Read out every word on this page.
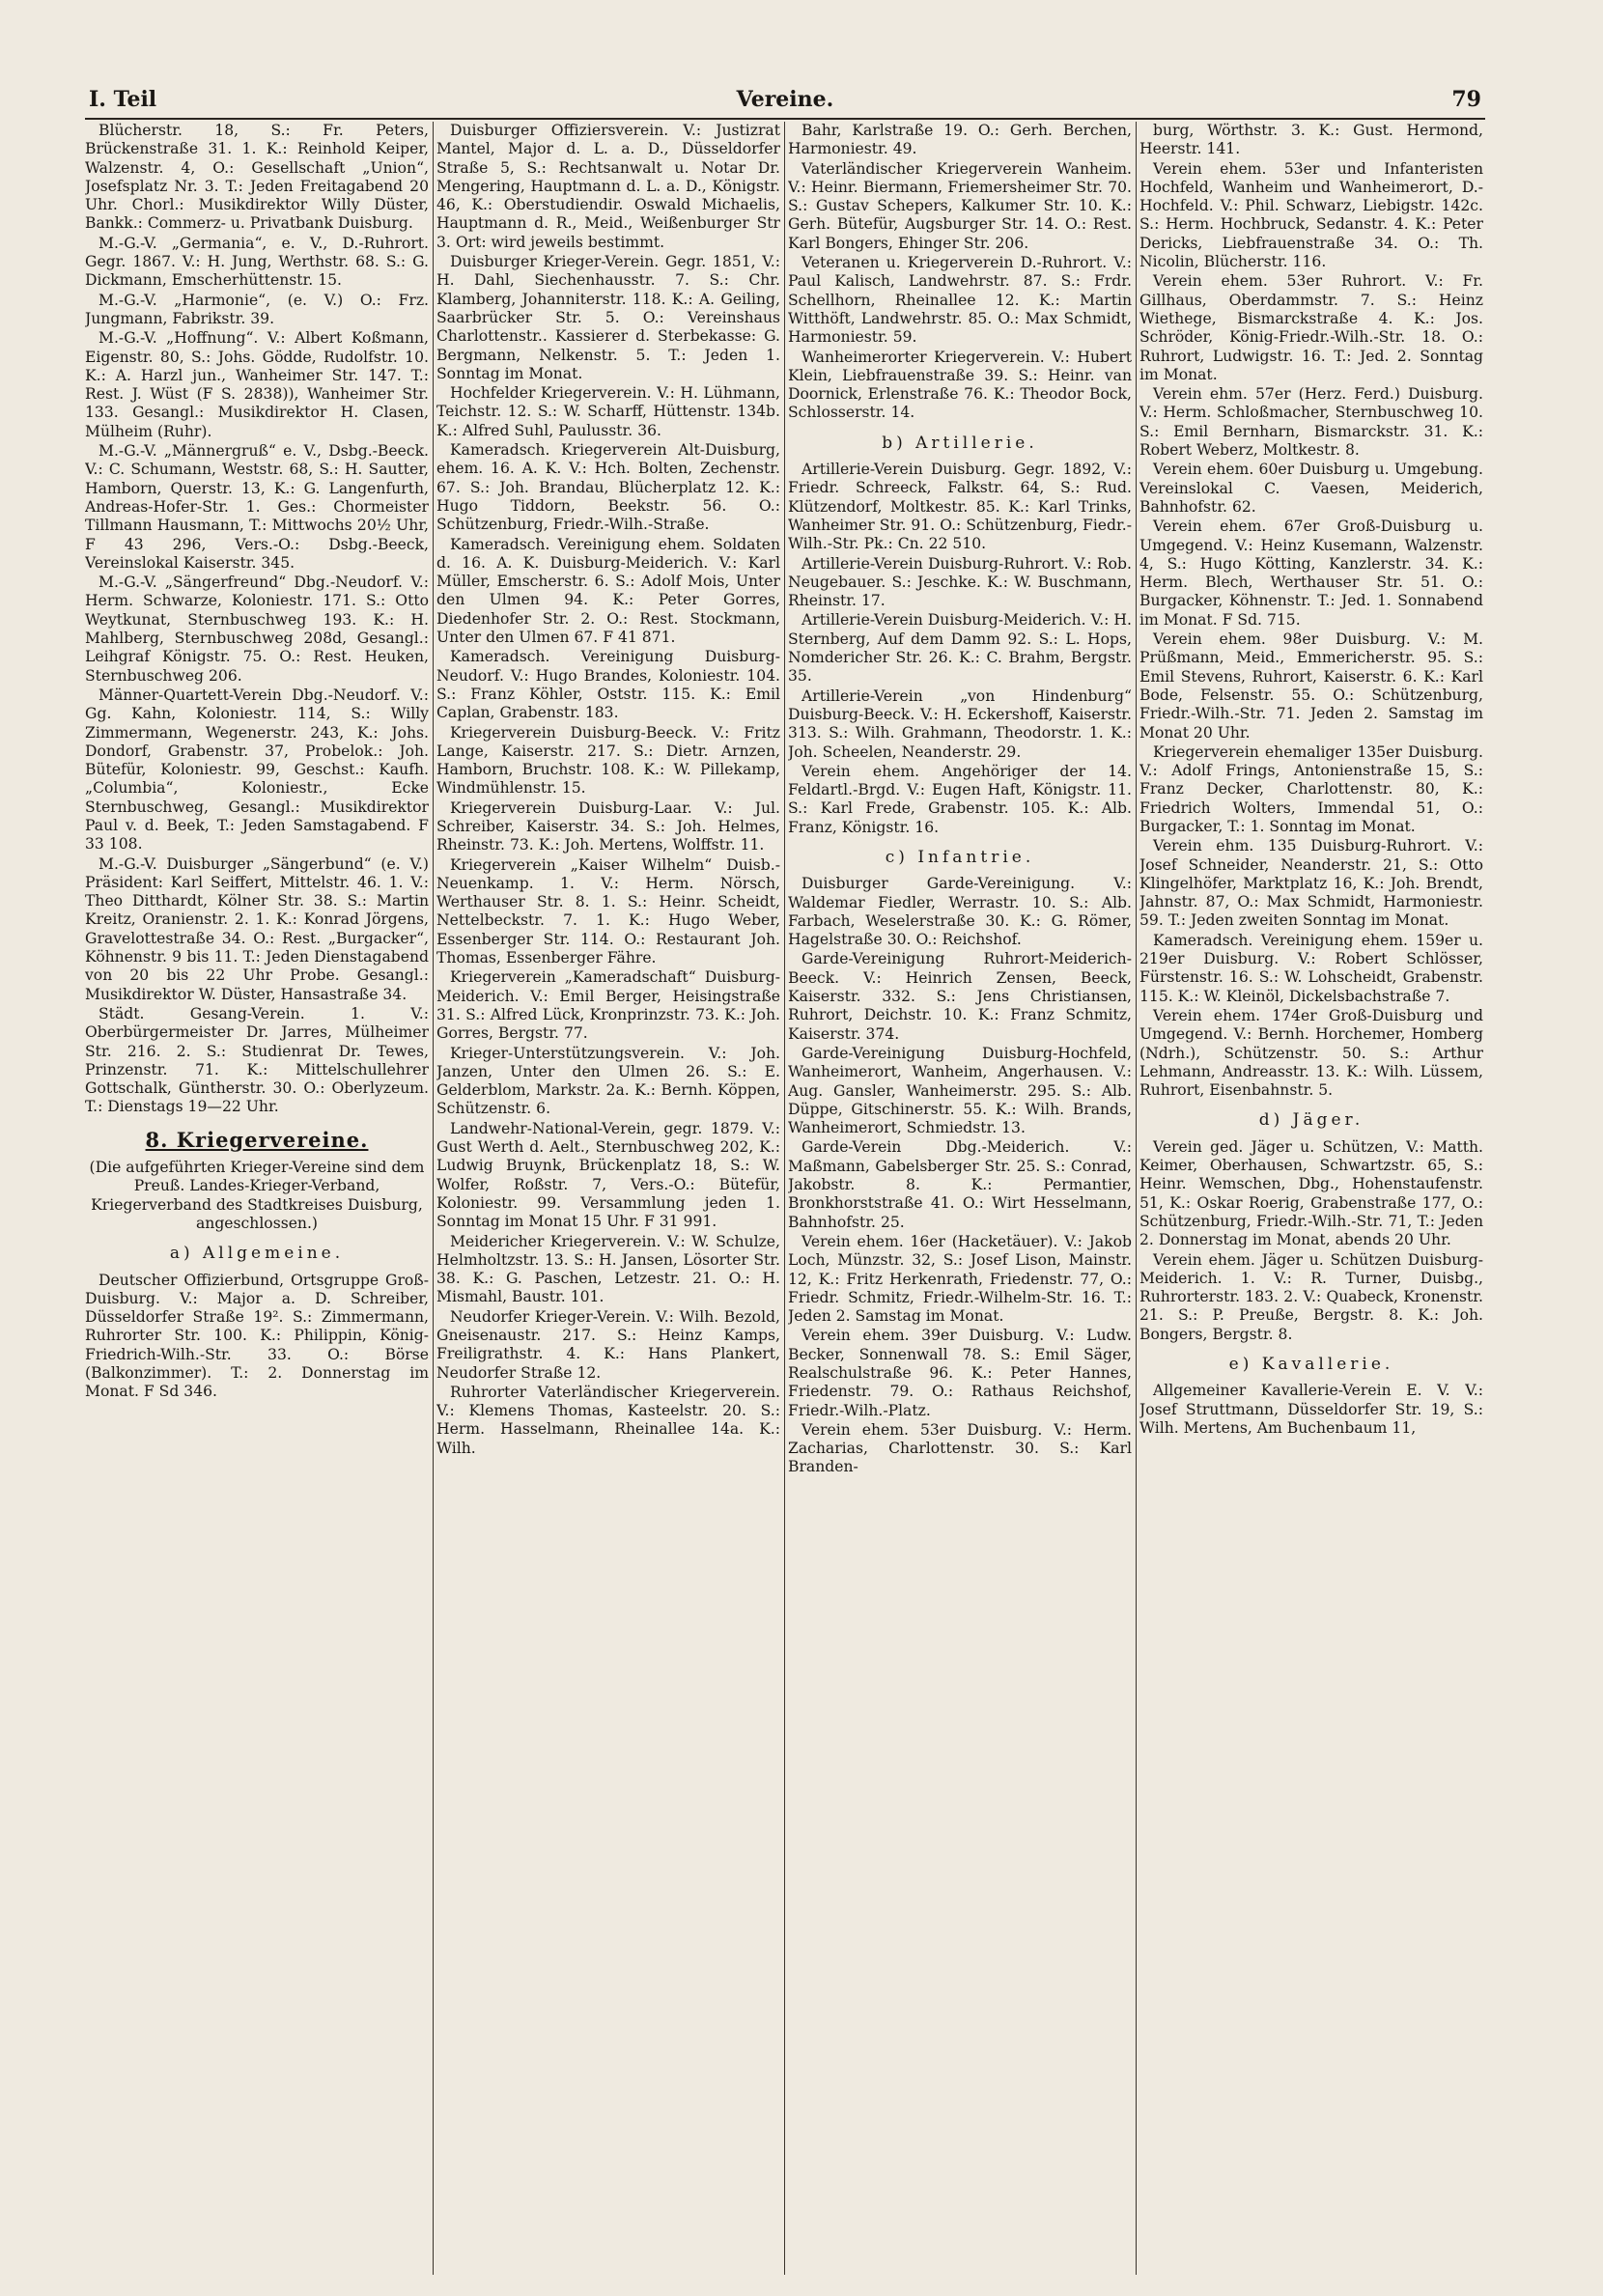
I. Teil	Vereine.	79

Blücherstr. 18, S.: Fr. Peters, Brückenstraße 31. 1. K.: Reinhold Keiper, Walzenstr. 4, O.: Gesellschaft „Union“, Josefsplatz Nr. 3. T.: Jeden Freitagabend 20 Uhr. Chorl.: Musikdirektor Willy Düster, Bankk.: Commerz- u. Privatbank Duisburg.

M.-G.-V. „Germania“, e. V., D.-Ruhrort. Gegr. 1867. V.: H. Jung, Werthstr. 68. S.: G. Dickmann, Emscherhüttenstr. 15.

M.-G.-V. „Harmonie“, (e. V.) O.: Frz. Jungmann, Fabrikstr. 39.

M.-G.-V. „Hoffnung“. V.: Albert Koßmann, Eigenstr. 80, S.: Johs. Gödde, Rudolfstr. 10. K.: A. Harzl jun., Wanheimer Str. 147. T.: Rest. J. Wüst (F S. 2838)), Wanheimer Str. 133. Gesangl.: Musikdirektor H. Clasen, Mülheim (Ruhr).

M.-G.-V. „Männergruß“ e. V., Dsbg.-Beeck. V.: C. Schumann, Weststr. 68, S.: H. Sautter, Hamborn, Querstr. 13, K.: G. Langenfurth, Andreas-Hofer-Str. 1. Ges.: Chormeister Tillmann Hausmann, T.: Mittwochs 20½ Uhr, F 43 296, Vers.-O.: Dsbg.-Beeck, Vereinslokal Kaiserstr. 345.

M.-G.-V. „Sängerfreund“ Dbg.-Neudorf. V.: Herm. Schwarze, Koloniestr. 171. S.: Otto Weytkunat, Sternbuschweg 193. K.: H. Mahlberg, Sternbuschweg 208d, Gesangl.: Leihgraf Königstr. 75. O.: Rest. Heuken, Sternbuschweg 206.

Männer-Quartett-Verein Dbg.-Neudorf. V.: Gg. Kahn, Koloniestr. 114, S.: Willy Zimmermann, Wegenerstr. 243, K.: Johs. Dondorf, Grabenstr. 37, Probelok.: Joh. Bütefür, Koloniestr. 99, Geschst.: Kaufh. „Columbia“, Koloniestr., Ecke Sternbuschweg, Gesangl.: Musikdirektor Paul v. d. Beek, T.: Jeden Samstagabend. F 33 108.

M.-G.-V. Duisburger „Sängerbund“ (e. V.) Präsident: Karl Seiffert, Mittelstr. 46. 1. V.: Theo Ditthardt, Kölner Str. 38. S.: Martin Kreitz, Oranienstr. 2. 1. K.: Konrad Jörgens, Gravelottestraße 34. O.: Rest. „Burgacker“, Köhnenstr. 9 bis 11. T.: Jeden Dienstagabend von 20 bis 22 Uhr Probe. Gesangl.: Musikdirektor W. Düster, Hansastraße 34.

Städt. Gesang-Verein. 1. V.: Oberbürgermeister Dr. Jarres, Mülheimer Str. 216. 2. S.: Studienrat Dr. Tewes, Prinzenstr. 71. K.: Mittelschullehrer Gottschalk, Güntherstr. 30. O.: Oberlyzeum. T.: Dienstags 19—22 Uhr.

8. Kriegervereine.

(Die aufgeführten Krieger-Vereine sind dem Preuß. Landes-Krieger-Verband, Kriegerverband des Stadtkreises Duisburg, angeschlossen.)

a) Allgemeine.

Deutscher Offizierbund, Ortsgruppe Groß-Duisburg. V.: Major a. D. Schreiber, Düsseldorfer Straße 19². S.: Zimmermann, Ruhrorter Str. 100. K.: Philippin, König-Friedrich-Wilh.-Str. 33. O.: Börse (Balkonzimmer). T.: 2. Donnerstag im Monat. F Sd 346.

Duisburger Offiziersverein. V.: Justizrat Mantel, Major d. L. a. D., Düsseldorfer Straße 5, S.: Rechtsanwalt u. Notar Dr. Mengering, Hauptmann d. L. a. D., Königstr. 46, K.: Oberstudiendir. Oswald Michaelis, Hauptmann d. R., Meid., Weißenburger Str 3. Ort: wird jeweils bestimmt.

Duisburger Krieger-Verein. Gegr. 1851, V.: H. Dahl, Siechenhausstr. 7. S.: Chr. Klamberg, Johanniterstr. 118. K.: A. Geiling, Saarbrücker Str. 5. O.: Vereinshaus Charlottenstr.. Kassierer d. Sterbekasse: G. Bergmann, Nelkenstr. 5. T.: Jeden 1. Sonntag im Monat.

Hochfelder Kriegerverein. V.: H. Lühmann, Teichstr. 12. S.: W. Scharff, Hüttenstr. 134b. K.: Alfred Suhl, Paulusstr. 36.

Kameradsch. Kriegerverein Alt-Duisburg, ehem. 16. A. K. V.: Hch. Bolten, Zechenstr. 67. S.: Joh. Brandau, Blücherplatz 12. K.: Hugo Tiddorn, Beekstr. 56. O.: Schützenburg, Friedr.-Wilh.-Straße.

Kameradsch. Vereinigung ehem. Soldaten d. 16. A. K. Duisburg-Meiderich. V.: Karl Müller, Emscherstr. 6. S.: Adolf Mois, Unter den Ulmen 94. K.: Peter Gorres, Diedenhofer Str. 2. O.: Rest. Stockmann, Unter den Ulmen 67. F 41 871.

Kameradsch. Vereinigung Duisburg-Neudorf. V.: Hugo Brandes, Koloniestr. 104. S.: Franz Köhler, Oststr. 115. K.: Emil Caplan, Grabenstr. 183.

Kriegerverein Duisburg-Beeck. V.: Fritz Lange, Kaiserstr. 217. S.: Dietr. Arnzen, Hamborn, Bruchstr. 108. K.: W. Pillekamp, Windmühlenstr. 15.

Kriegerverein Duisburg-Laar. V.: Jul. Schreiber, Kaiserstr. 34. S.: Joh. Helmes, Rheinstr. 73. K.: Joh. Mertens, Wolffstr. 11.

Kriegerverein „Kaiser Wilhelm“ Duisb.-Neuenkamp. 1. V.: Herm. Nörsch, Werthauser Str. 8. 1. S.: Heinr. Scheidt, Nettelbeckstr. 7. 1. K.: Hugo Weber, Essenberger Str. 114. O.: Restaurant Joh. Thomas, Essenberger Fähre.

Kriegerverein „Kameradschaft“ Duisburg-Meiderich. V.: Emil Berger, Heisingstraße 31. S.: Alfred Lück, Kronprinzstr. 73. K.: Joh. Gorres, Bergstr. 77.

Krieger-Unterstützungsverein. V.: Joh. Janzen, Unter den Ulmen 26. S.: E. Gelderblom, Markstr. 2a. K.: Bernh. Köppen, Schützenstr. 6.

Landwehr-National-Verein, gegr. 1879. V.: Gust Werth d. Aelt., Sternbuschweg 202, K.: Ludwig Bruynk, Brückenplatz 18, S.: W. Wolfer, Roßstr. 7, Vers.-O.: Bütefür, Koloniestr. 99. Versammlung jeden 1. Sonntag im Monat 15 Uhr. F 31 991.

Meidericher Kriegerverein. V.: W. Schulze, Helmholtzstr. 13. S.: H. Jansen, Lösorter Str. 38. K.: G. Paschen, Letzestr. 21. O.: H. Mismahl, Baustr. 101.

Neudorfer Krieger-Verein. V.: Wilh. Bezold, Gneisenaustr. 217. S.: Heinz Kamps, Freiligrathstr. 4. K.: Hans Plankert, Neudorfer Straße 12.

Ruhrorter Vaterländischer Kriegerverein. V.: Klemens Thomas, Kasteelstr. 20. S.: Herm. Hasselmann, Rheinallee 14a. K.: Wilh.

Bahr, Karlstraße 19. O.: Gerh. Berchen, Harmoniestr. 49.

Vaterländischer Kriegerverein Wanheim. V.: Heinr. Biermann, Friemersheimer Str. 70. S.: Gustav Schepers, Kalkumer Str. 10. K.: Gerh. Bütefür, Augsburger Str. 14. O.: Rest. Karl Bongers, Ehinger Str. 206.

Veteranen u. Kriegerverein D.-Ruhrort. V.: Paul Kalisch, Landwehrstr. 87. S.: Frdr. Schellhorn, Rheinallee 12. K.: Martin Witthöft, Landwehrstr. 85. O.: Max Schmidt, Harmoniestr. 59.

Wanheimerorter Kriegerverein. V.: Hubert Klein, Liebfrauenstraße 39. S.: Heinr. van Doornick, Erlenstraße 76. K.: Theodor Bock, Schlosserstr. 14.

b) Artillerie.

Artillerie-Verein Duisburg. Gegr. 1892, V.: Friedr. Schreeck, Falkstr. 64, S.: Rud. Klützendorf, Moltkestr. 85. K.: Karl Trinks, Wanheimer Str. 91. O.: Schützenburg, Fiedr.-Wilh.-Str. Pk.: Cn. 22 510.

Artillerie-Verein Duisburg-Ruhrort. V.: Rob. Neugebauer. S.: Jeschke. K.: W. Buschmann, Rheinstr. 17.

Artillerie-Verein Duisburg-Meiderich. V.: H. Sternberg, Auf dem Damm 92. S.: L. Hops, Nomdericher Str. 26. K.: C. Brahm, Bergstr. 35.

Artillerie-Verein „von Hindenburg“ Duisburg-Beeck. V.: H. Eckershoff, Kaiserstr. 313. S.: Wilh. Grahmann, Theodorstr. 1. K.: Joh. Scheelen, Neanderstr. 29.

Verein ehem. Angehöriger der 14. Feldartl.-Brgd. V.: Eugen Haft, Königstr. 11. S.: Karl Frede, Grabenstr. 105. K.: Alb. Franz, Königstr. 16.

c) Infantrie.

Duisburger Garde-Vereinigung. V.: Waldemar Fiedler, Werrastr. 10. S.: Alb. Farbach, Weselerstraße 30. K.: G. Römer, Hagelstraße 30. O.: Reichshof.

Garde-Vereinigung Ruhrort-Meiderich-Beeck. V.: Heinrich Zensen, Beeck, Kaiserstr. 332. S.: Jens Christiansen, Ruhrort, Deichstr. 10. K.: Franz Schmitz, Kaiserstr. 374.

Garde-Vereinigung Duisburg-Hochfeld, Wanheimerort, Wanheim, Angerhausen. V.: Aug. Gansler, Wanheimerstr. 295. S.: Alb. Düppe, Gitschinerstr. 55. K.: Wilh. Brands, Wanheimerort, Schmiedstr. 13.

Garde-Verein Dbg.-Meiderich. V.: Maßmann, Gabelsberger Str. 25. S.: Conrad, Jakobstr. 8. K.: Permantier, Bronkhorststraße 41. O.: Wirt Hesselmann, Bahnhofstr. 25.

Verein ehem. 16er (Hacketäuer). V.: Jakob Loch, Münzstr. 32, S.: Josef Lison, Mainstr. 12, K.: Fritz Herkenrath, Friedenstr. 77, O.: Friedr. Schmitz, Friedr.-Wilhelm-Str. 16. T.: Jeden 2. Samstag im Monat.

Verein ehem. 39er Duisburg. V.: Ludw. Becker, Sonnenwall 78. S.: Emil Säger, Realschulstraße 96. K.: Peter Hannes, Friedenstr. 79. O.: Rathaus Reichshof, Friedr.-Wilh.-Platz.

Verein ehem. 53er Duisburg. V.: Herm. Zacharias, Charlottenstr. 30. S.: Karl Branden-

burg, Wörthstr. 3. K.: Gust. Hermond, Heerstr. 141.

Verein ehem. 53er und Infanteristen Hochfeld, Wanheim und Wanheimerort, D.-Hochfeld. V.: Phil. Schwarz, Liebigstr. 142c. S.: Herm. Hochbruck, Sedanstr. 4. K.: Peter Dericks, Liebfrauenstraße 34. O.: Th. Nicolin, Blücherstr. 116.

Verein ehem. 53er Ruhrort. V.: Fr. Gillhaus, Oberdammstr. 7. S.: Heinz Wiethege, Bismarckstraße 4. K.: Jos. Schröder, König-Friedr.-Wilh.-Str. 18. O.: Ruhrort, Ludwigstr. 16. T.: Jed. 2. Sonntag im Monat.

Verein ehm. 57er (Herz. Ferd.) Duisburg. V.: Herm. Schloßmacher, Sternbuschweg 10. S.: Emil Bernharn, Bismarckstr. 31. K.: Robert Weberz, Moltkestr. 8.

Verein ehem. 60er Duisburg u. Umgebung. Vereinslokal C. Vaesen, Meiderich, Bahnhofstr. 62.

Verein ehem. 67er Groß-Duisburg u. Umgegend. V.: Heinz Kusemann, Walzenstr. 4, S.: Hugo Kötting, Kanzlerstr. 34. K.: Herm. Blech, Werthauser Str. 51. O.: Burgacker, Köhnenstr. T.: Jed. 1. Sonnabend im Monat. F Sd. 715.

Verein ehem. 98er Duisburg. V.: M. Prüßmann, Meid., Emmericherstr. 95. S.: Emil Stevens, Ruhrort, Kaiserstr. 6. K.: Karl Bode, Felsenstr. 55. O.: Schützenburg, Friedr.-Wilh.-Str. 71. Jeden 2. Samstag im Monat 20 Uhr.

Kriegerverein ehemaliger 135er Duisburg. V.: Adolf Frings, Antonienstraße 15, S.: Franz Decker, Charlottenstr. 80, K.: Friedrich Wolters, Immendal 51, O.: Burgacker, T.: 1. Sonntag im Monat.

Verein ehm. 135 Duisburg-Ruhrort. V.: Josef Schneider, Neanderstr. 21, S.: Otto Klingelhöfer, Marktplatz 16, K.: Joh. Brendt, Jahnstr. 87, O.: Max Schmidt, Harmoniestr. 59. T.: Jeden zweiten Sonntag im Monat.

Kameradsch. Vereinigung ehem. 159er u. 219er Duisburg. V.: Robert Schlösser, Fürstenstr. 16. S.: W. Lohscheidt, Grabenstr. 115. K.: W. Kleinöl, Dickelsbachstraße 7.

Verein ehem. 174er Groß-Duisburg und Umgegend. V.: Bernh. Horchemer, Homberg (Ndrh.), Schützenstr. 50. S.: Arthur Lehmann, Andreasstr. 13. K.: Wilh. Lüssem, Ruhrort, Eisenbahnstr. 5.

d) Jäger.

Verein ged. Jäger u. Schützen, V.: Matth. Keimer, Oberhausen, Schwartzstr. 65, S.: Heinr. Wemschen, Dbg., Hohenstaufenstr. 51, K.: Oskar Roerig, Grabenstraße 177, O.: Schützenburg, Friedr.-Wilh.-Str. 71, T.: Jeden 2. Donnerstag im Monat, abends 20 Uhr.

Verein ehem. Jäger u. Schützen Duisburg-Meiderich. 1. V.: R. Turner, Duisbg., Ruhrorterstr. 183. 2. V.: Quabeck, Kronenstr. 21. S.: P. Preuße, Bergstr. 8. K.: Joh. Bongers, Bergstr. 8.

e) Kavallerie.

Allgemeiner Kavallerie-Verein E. V. V.: Josef Struttmann, Düsseldorfer Str. 19, S.: Wilh. Mertens, Am Buchenbaum 11,
